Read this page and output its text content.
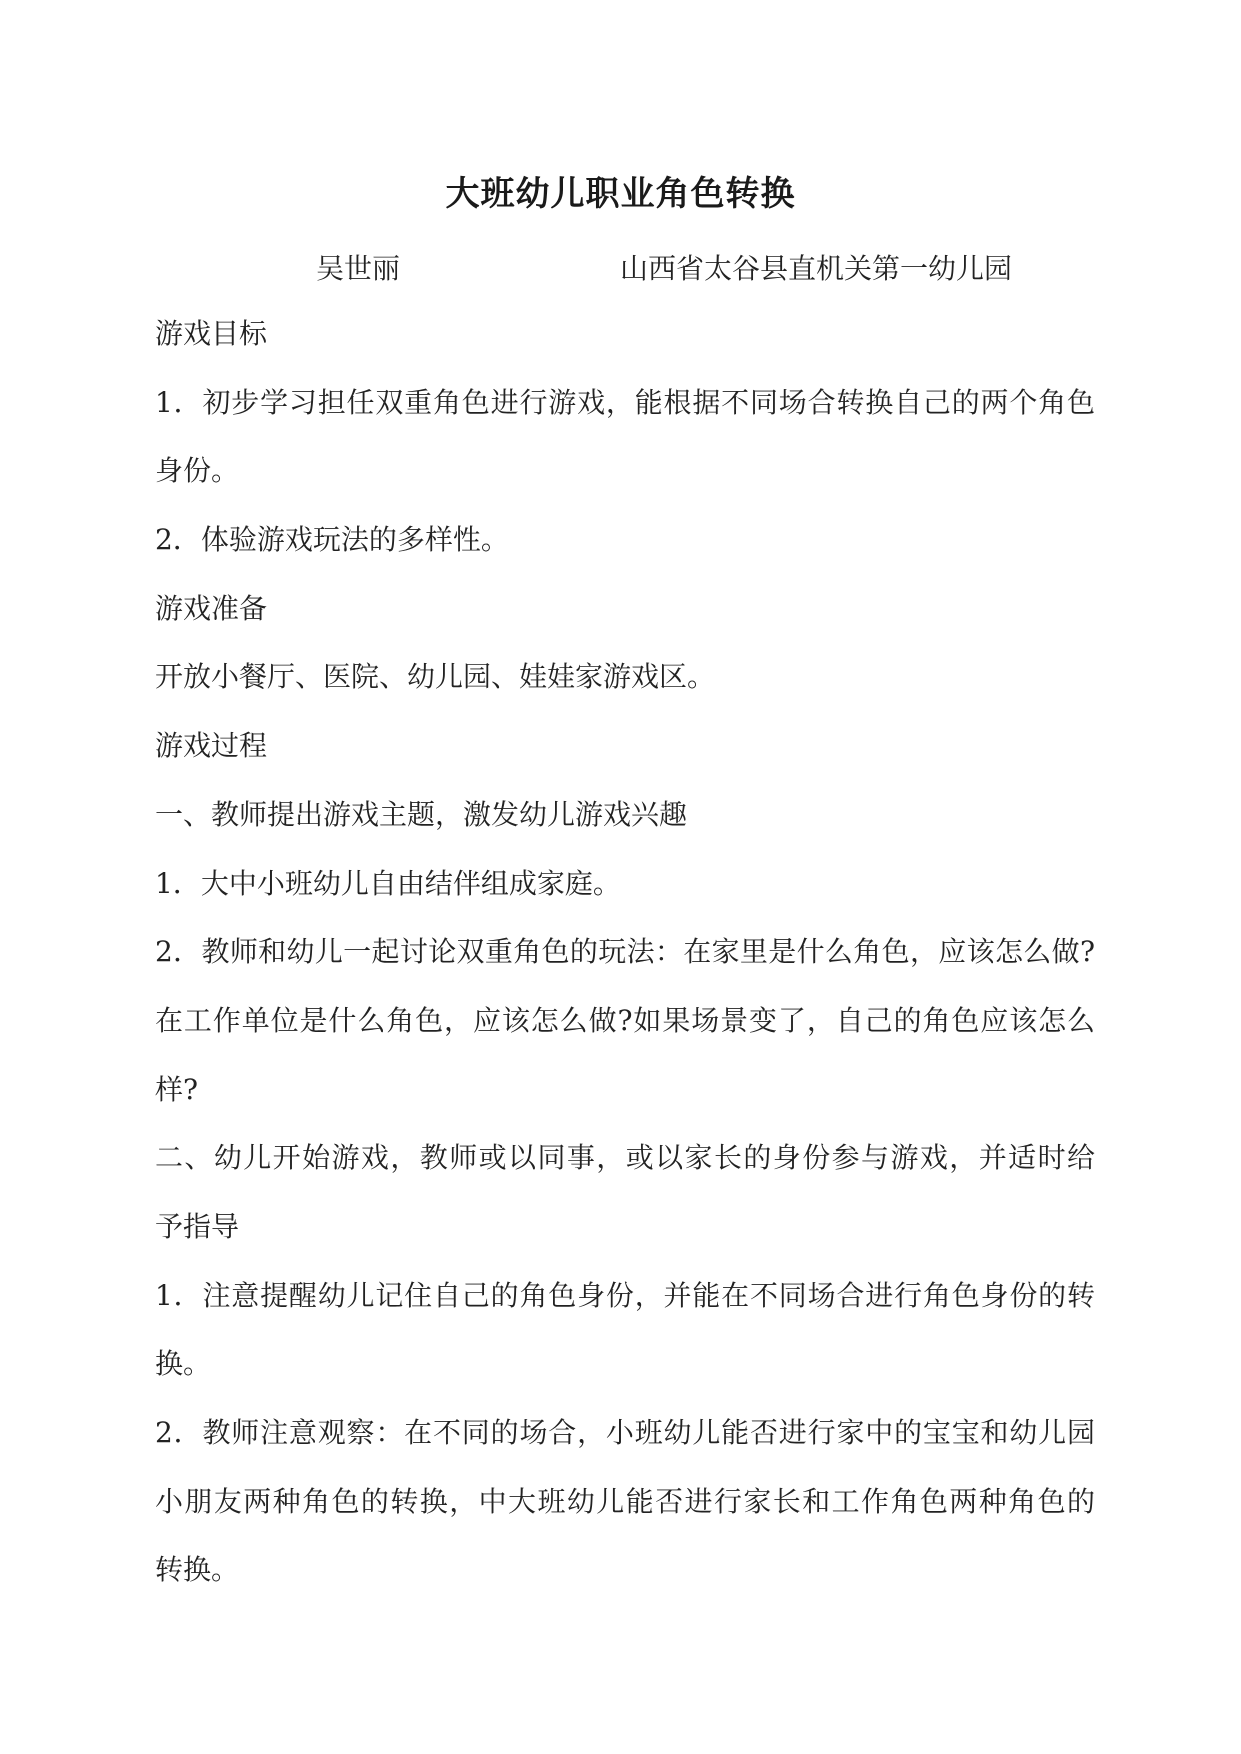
大班幼儿职业角色转换
吴世丽	山西省太谷县直机关第一幼儿园
游戏目标
1．初步学习担任双重角色进行游戏，能根据不同场合转换自己的两个角色
身份。
2．体验游戏玩法的多样性。
游戏准备
开放小餐厅、医院、幼儿园、娃娃家游戏区。
游戏过程
一、教师提出游戏主题，激发幼儿游戏兴趣
1．大中小班幼儿自由结伴组成家庭。
2．教师和幼儿一起讨论双重角色的玩法：在家里是什么角色，应该怎么做?
在工作单位是什么角色，应该怎么做?如果场景变了，自己的角色应该怎么
样?
二、幼儿开始游戏，教师或以同事，或以家长的身份参与游戏，并适时给
予指导
1．注意提醒幼儿记住自己的角色身份，并能在不同场合进行角色身份的转
换。
2．教师注意观察：在不同的场合，小班幼儿能否进行家中的宝宝和幼儿园
小朋友两种角色的转换，中大班幼儿能否进行家长和工作角色两种角色的
转换。
